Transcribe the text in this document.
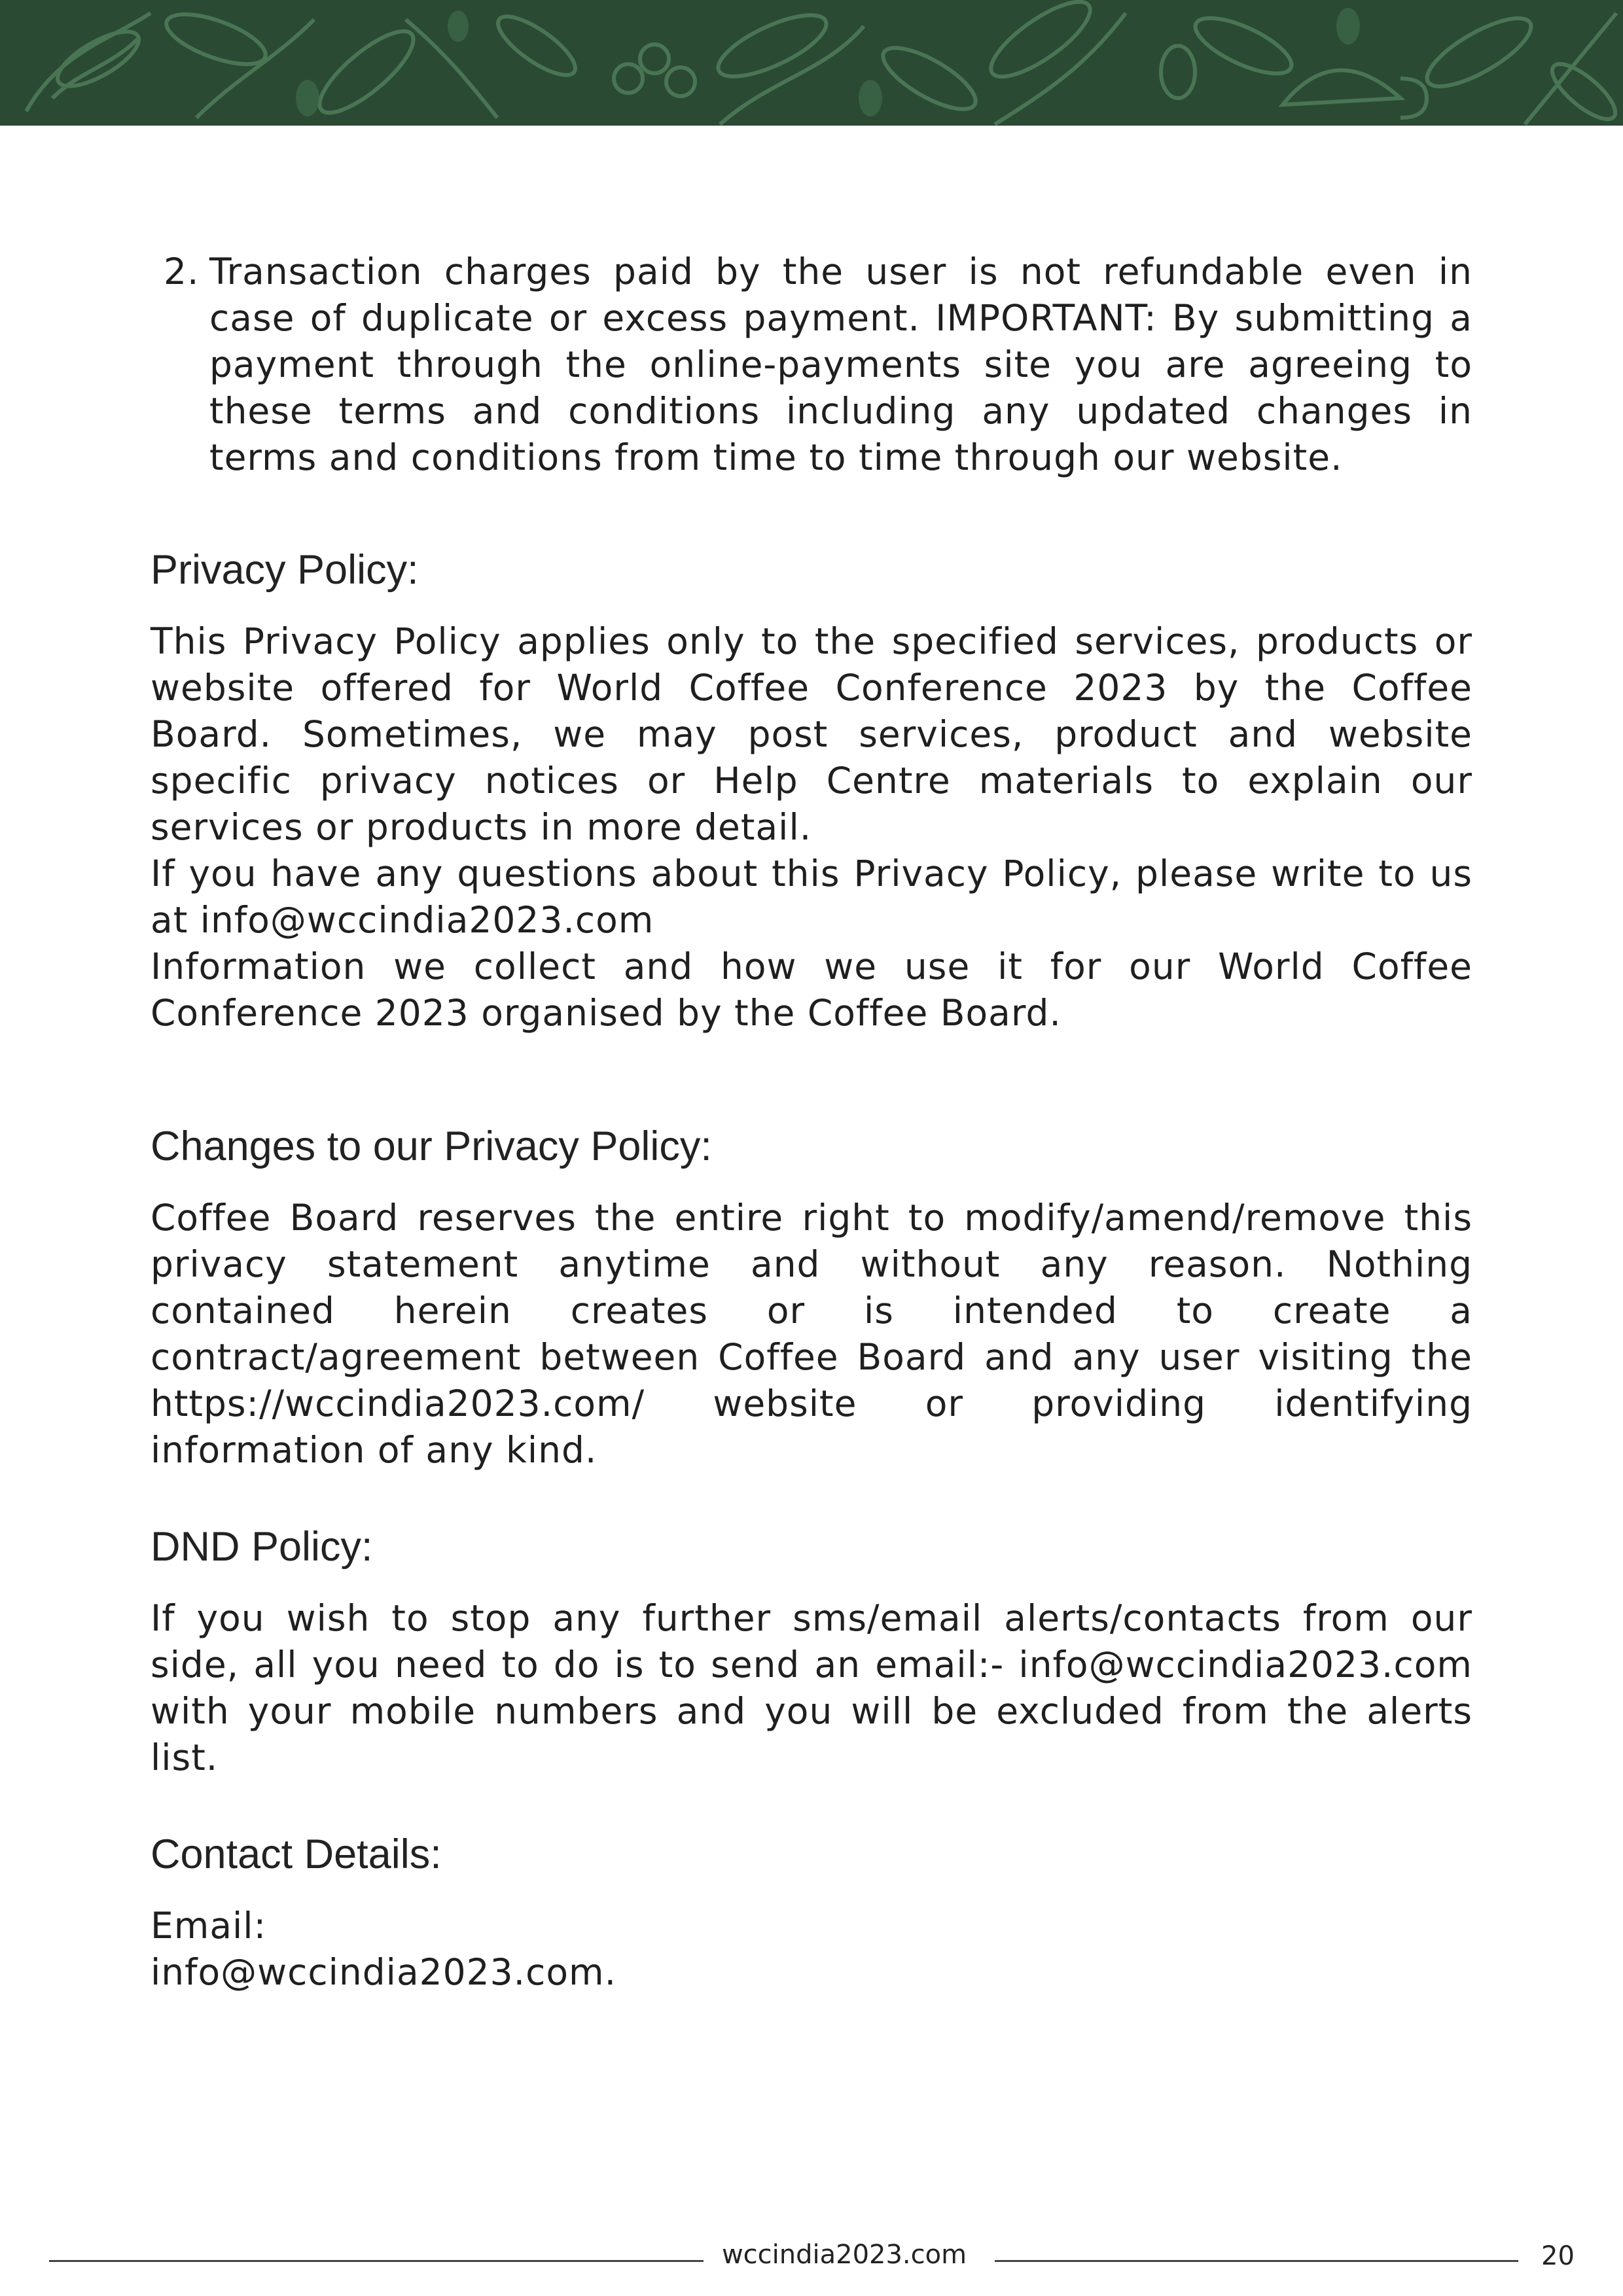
2. Transaction charges paid by the user is not refundable even in case of duplicate or excess payment. IMPORTANT: By submitting a payment through the online-payments site you are agreeing to these terms and conditions including any updated changes in terms and conditions from time to time through our website.

Privacy Policy:

This Privacy Policy applies only to the specified services, products or website offered for World Coffee Conference 2023 by the Coffee Board. Sometimes, we may post services, product and website specific privacy notices or Help Centre materials to explain our services or products in more detail.

If you have any questions about this Privacy Policy, please write to us at info@wccindia2023.com

Information we collect and how we use it for our World Coffee Conference 2023 organised by the Coffee Board.

Changes to our Privacy Policy:

Coffee Board reserves the entire right to modify/amend/remove this privacy statement anytime and without any reason. Nothing contained herein creates or is intended to create a contract/agreement between Coffee Board and any user visiting the https://wccindia2023.com/ website or providing identifying information of any kind.

DND Policy:

If you wish to stop any further sms/email alerts/contacts from our side, all you need to do is to send an email:- info@wccindia2023.com with your mobile numbers and you will be excluded from the alerts list.

Contact Details:

Email:

info@wccindia2023.com.

wccindia2023.com	20
